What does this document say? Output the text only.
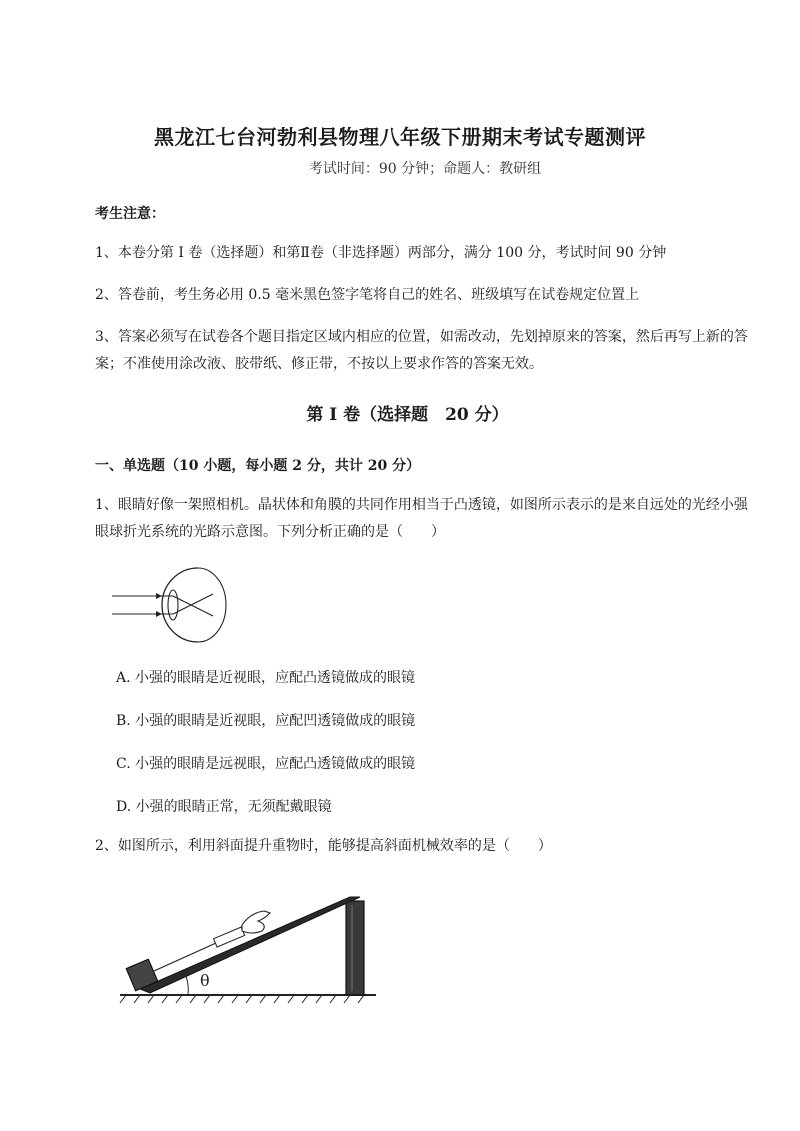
黑龙江七台河勃利县物理八年级下册期末考试专题测评
考试时间：90 分钟；命题人：教研组
考生注意：
1、本卷分第 I 卷（选择题）和第Ⅱ卷（非选择题）两部分，满分 100 分，考试时间 90 分钟
2、答卷前，考生务必用 0.5 毫米黑色签字笔将自己的姓名、班级填写在试卷规定位置上
3、答案必须写在试卷各个题目指定区域内相应的位置，如需改动，先划掉原来的答案，然后再写上新的答案；不准使用涂改液、胶带纸、修正带，不按以上要求作答的答案无效。
第 I 卷（选择题　20 分）
一、单选题（10 小题，每小题 2 分，共计 20 分）
1、眼睛好像一架照相机。晶状体和角膜的共同作用相当于凸透镜，如图所示表示的是来自远处的光经小强眼球折光系统的光路示意图。下列分析正确的是（　　）
A. 小强的眼睛是近视眼，应配凸透镜做成的眼镜
B. 小强的眼睛是近视眼，应配凹透镜做成的眼镜
C. 小强的眼睛是远视眼，应配凸透镜做成的眼镜
D. 小强的眼睛正常，无须配戴眼镜
2、如图所示，利用斜面提升重物时，能够提高斜面机械效率的是（　　）
θ
